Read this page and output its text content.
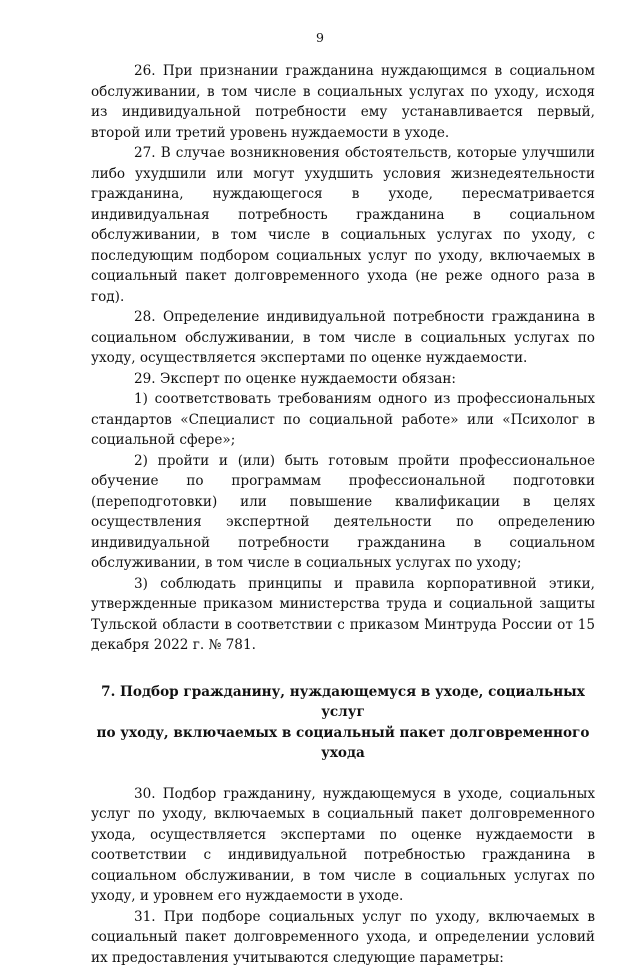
9

26. При признании гражданина нуждающимся в социальном обслуживании, в том числе в социальных услугах по уходу, исходя из индивидуальной потребности ему устанавливается первый, второй или третий уровень нуждаемости в уходе.

27. В случае возникновения обстоятельств, которые улучшили либо ухудшили или могут ухудшить условия жизнедеятельности гражданина, нуждающегося в уходе, пересматривается индивидуальная потребность гражданина в социальном обслуживании, в том числе в социальных услугах по уходу, с последующим подбором социальных услуг по уходу, включаемых в социальный пакет долговременного ухода (не реже одного раза в год).

28. Определение индивидуальной потребности гражданина в социальном обслуживании, в том числе в социальных услугах по уходу, осуществляется экспертами по оценке нуждаемости.

29. Эксперт по оценке нуждаемости обязан:

1) соответствовать требованиям одного из профессиональных стандартов «Специалист по социальной работе» или «Психолог в социальной сфере»;

2) пройти и (или) быть готовым пройти профессиональное обучение по программам профессиональной подготовки (переподготовки) или повышение квалификации в целях осуществления экспертной деятельности по определению индивидуальной потребности гражданина в социальном обслуживании, в том числе в социальных услугах по уходу;

3) соблюдать принципы и правила корпоративной этики, утвержденные приказом министерства труда и социальной защиты Тульской области в соответствии с приказом Минтруда России от 15 декабря 2022 г. № 781.

7. Подбор гражданину, нуждающемуся в уходе, социальных услуг
по уходу, включаемых в социальный пакет долговременного ухода

30. Подбор гражданину, нуждающемуся в уходе, социальных услуг по уходу, включаемых в социальный пакет долговременного ухода, осуществляется экспертами по оценке нуждаемости в соответствии с индивидуальной потребностью гражданина в социальном обслуживании, в том числе в социальных услугах по уходу, и уровнем его нуждаемости в уходе.

31. При подборе социальных услуг по уходу, включаемых в социальный пакет долговременного ухода, и определении условий их предоставления учитываются следующие параметры:
